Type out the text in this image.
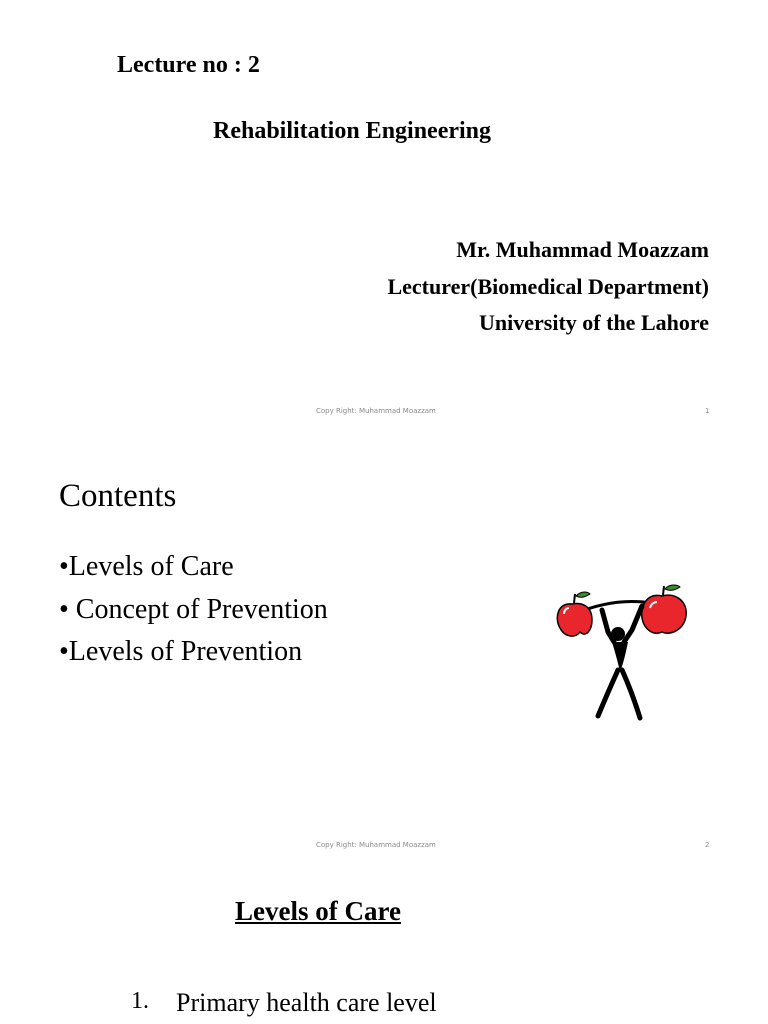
Lecture no : 2
Rehabilitation Engineering
Mr. Muhammad Moazzam
Lecturer(Biomedical Department)
University of the Lahore
Copy Right: Muhammad Moazzam	1
Contents
•Levels of Care
• Concept of Prevention
•Levels of Prevention
Copy Right: Muhammad Moazzam	2
Levels of Care
1. Primary health care level
